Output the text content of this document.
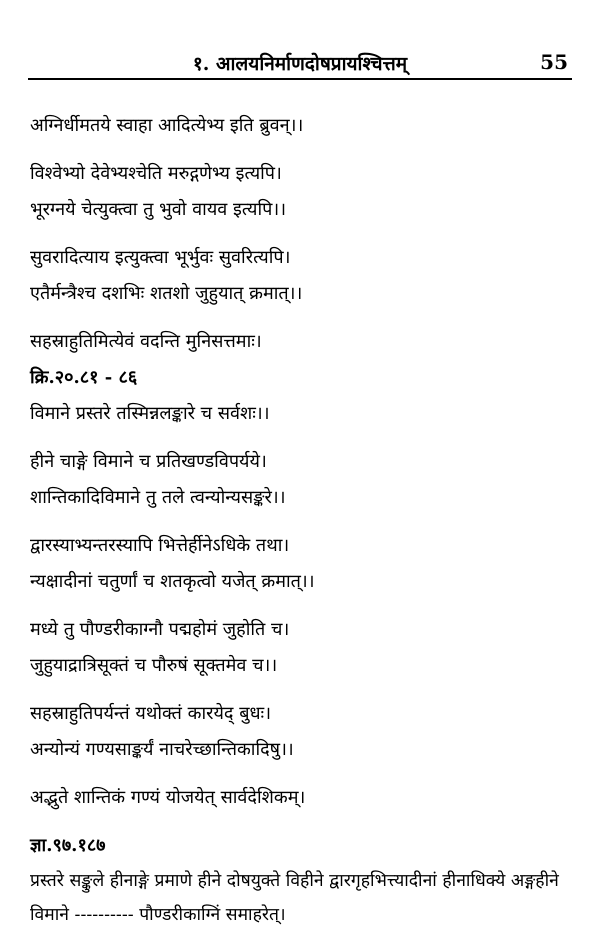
१. आलयनिर्माणदोषप्रायश्चित्तम्	55
अग्निर्धीमतये स्वाहा आदित्येभ्य इति ब्रुवन्।।
विश्वेभ्यो देवेभ्यश्चेति मरुद्गणेभ्य इत्यपि।
भूरग्नये चेत्युक्त्वा तु भुवो वायव इत्यपि।।
सुवरादित्याय इत्युक्त्वा भूर्भुवः सुवरित्यपि।
एतैर्मन्त्रैश्च दशभिः शतशो जुहुयात् क्रमात्।।
सहस्राहुतिमित्येवं वदन्ति मुनिसत्तमाः।
क्रि.२०.८१ - ८६
विमाने प्रस्तरे तस्मिन्नलङ्कारे च सर्वशः।।
हीने चाङ्गे विमाने च प्रतिखण्डविपर्यये।
शान्तिकादिविमाने तु तले त्वन्योन्यसङ्करे।।
द्वारस्याभ्यन्तरस्यापि भित्तेर्हीनेऽधिके तथा।
न्यक्षादीनां चतुर्णां च शतकृत्वो यजेत् क्रमात्।।
मध्ये तु पौण्डरीकाग्नौ पद्महोमं जुहोति च।
जुहुयाद्रात्रिसूक्तं च पौरुषं सूक्तमेव च।।
सहस्राहुतिपर्यन्तं यथोक्तं कारयेद् बुधः।
अन्योन्यं गण्यसाङ्कर्यं नाचरेच्छान्तिकादिषु।।
अद्भुते शान्तिकं गण्यं योजयेत् सार्वदेशिकम्।
ज्ञा.९७.१८७
प्रस्तरे सङ्कुले हीनाङ्गे प्रमाणे हीने दोषयुक्ते विहीने द्वारगृहभित्त्यादीनां हीनाधिक्ये अङ्गहीने विमाने ---------- पौण्डरीकाग्निं समाहरेत्।
